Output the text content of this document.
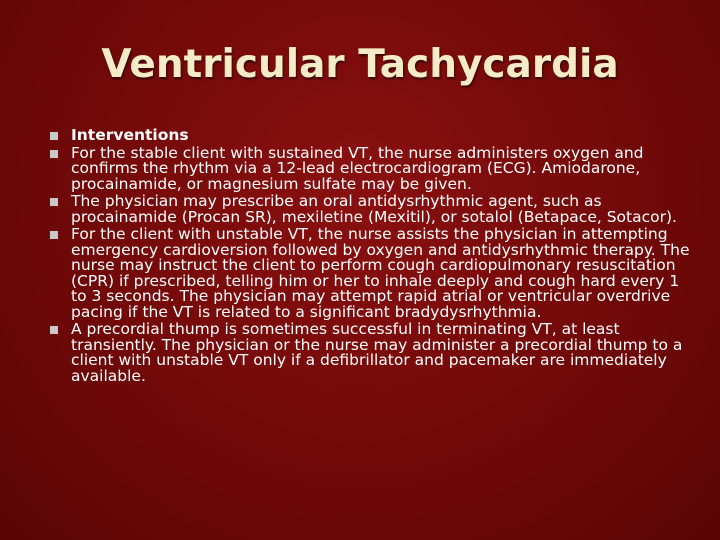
Ventricular Tachycardia
Interventions
For the stable client with sustained VT, the nurse administers oxygen and confirms the rhythm via a 12-lead electrocardiogram (ECG). Amiodarone, procainamide, or magnesium sulfate may be given.
The physician may prescribe an oral antidysrhythmic agent, such as procainamide (Procan SR), mexiletine (Mexitil), or sotalol (Betapace, Sotacor).
For the client with unstable VT, the nurse assists the physician in attempting emergency cardioversion followed by oxygen and antidysrhythmic therapy. The nurse may instruct the client to perform cough cardiopulmonary resuscitation (CPR) if prescribed, telling him or her to inhale deeply and cough hard every 1 to 3 seconds. The physician may attempt rapid atrial or ventricular overdrive pacing if the VT is related to a significant bradydysrhythmia.
A precordial thump is sometimes successful in terminating VT, at least transiently. The physician or the nurse may administer a precordial thump to a client with unstable VT only if a defibrillator and pacemaker are immediately available.
